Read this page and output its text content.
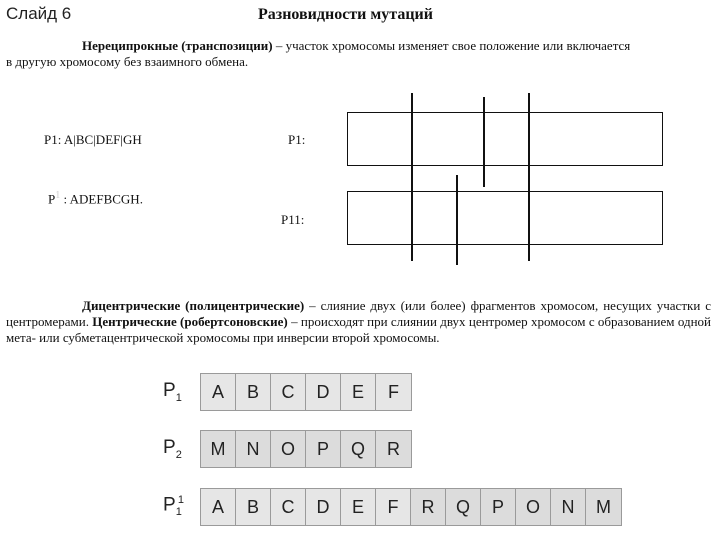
Слайд 6	Разновидности мутаций
Нереципрокные (транспозиции) – участок хромосомы изменяет свое положение или включается
в другую хромосому без взаимного обмена.
P1: A|BC|DEF|GH
$P^1$ : ADEFBCGH.
P1:
P11:
Дицентрические (полицентрические) – слияние двух (или более) фрагментов хромосом, несущих участки с центромерами. Центрические (робертсоновские) – происходят при слиянии двух центромер хромосом с образованием одной мета- или субметацентрической хромосомы при инверсии второй хромосомы.
$P_1$	A	B	C	D	E	F
$P_2$	M	N	O	P	Q	R
$P_1^1$	A	B	C	D	E	F	R	Q	P	O	N	M
